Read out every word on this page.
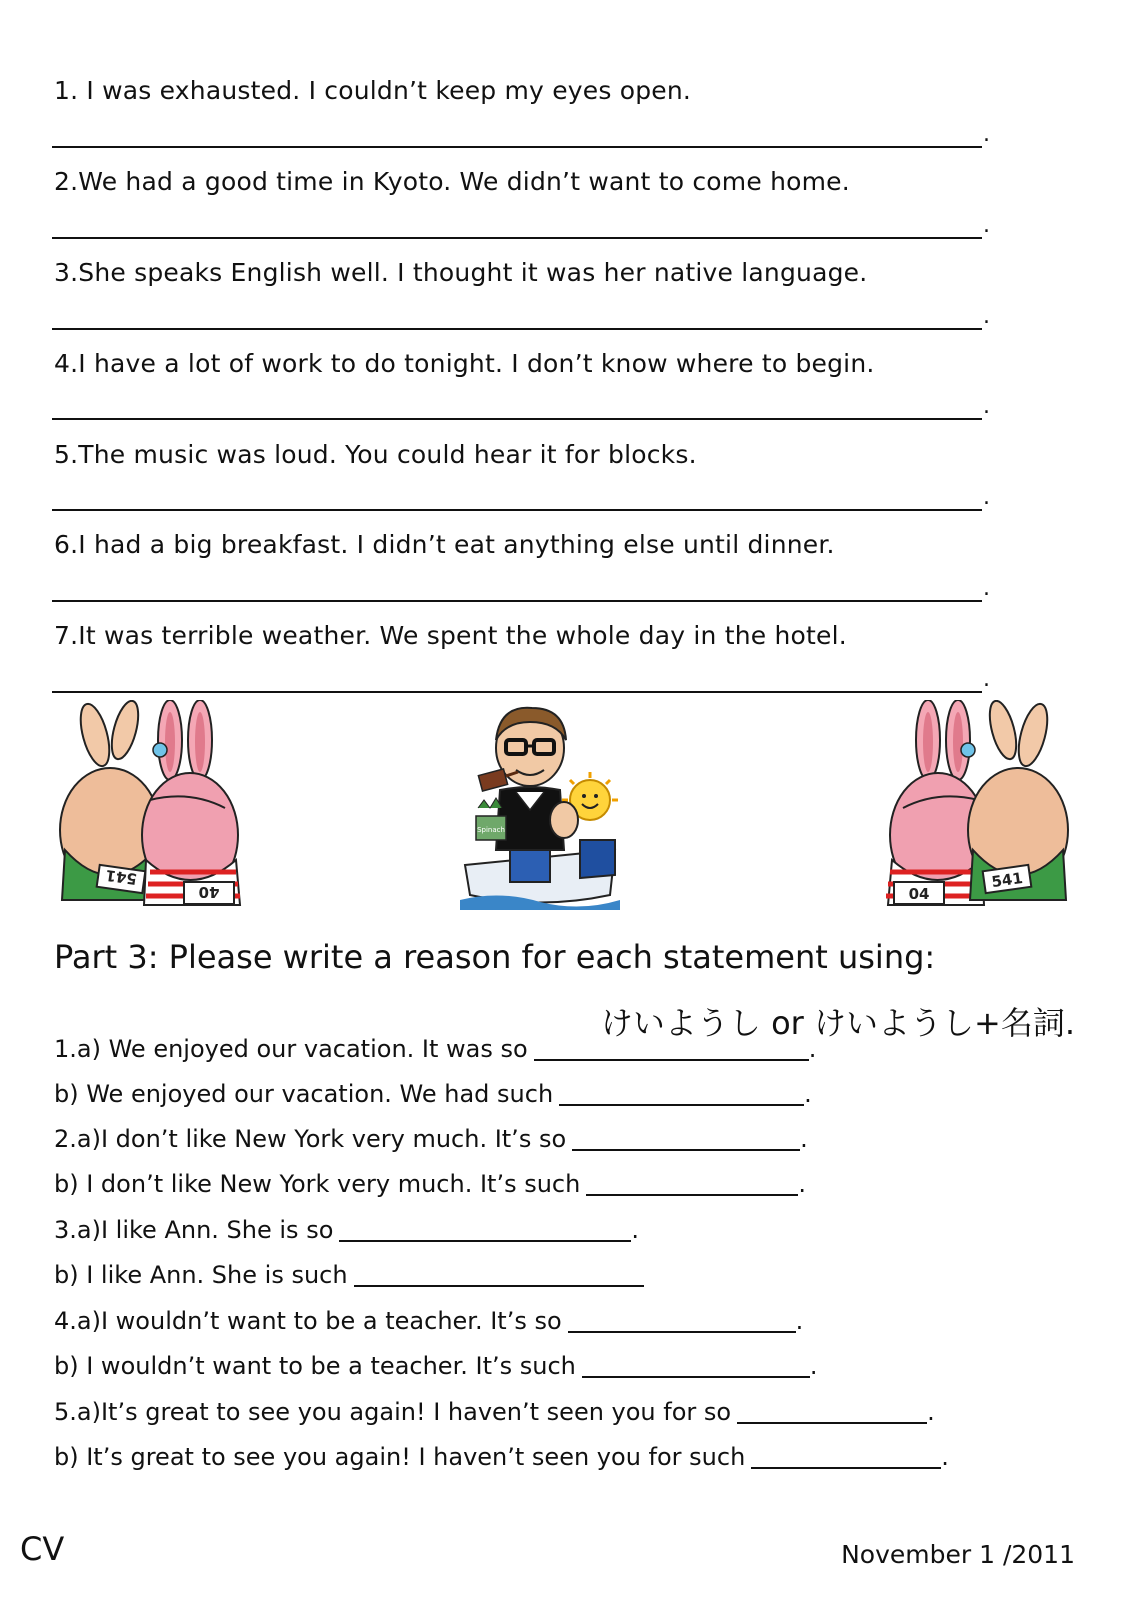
1. I was exhausted. I couldn’t keep my eyes open.
.
2.We had a good time in Kyoto. We didn’t want to come home.
.
3.She speaks English well. I thought it was her native language.
.
4.I have a lot of work to do tonight. I don’t know where to begin.
.
5.The music was loud. You could hear it for blocks.
.
6.I had a big breakfast. I didn’t eat anything else until dinner.
.
7.It was terrible weather. We spent the whole day in the hotel.
.
541
40
Spinach
04
541
Part 3: Please write a reason for each statement using:
けいようし or けいようし+名詞.
1.a) We enjoyed our vacation. It was so	.
b) We enjoyed our vacation. We had such	.
2.a)I don’t like New York very much. It’s so	.
b) I don’t like New York very much. It’s such	.
3.a)I like Ann. She is so	.
b) I like Ann. She is such
4.a)I wouldn’t want to be a teacher. It’s so	.
b) I wouldn’t want to be a teacher. It’s such	.
5.a)It’s great to see you again! I haven’t seen you for so	.
b) It’s great to see you again! I haven’t seen you for such	.
CV	November 1 /2011
